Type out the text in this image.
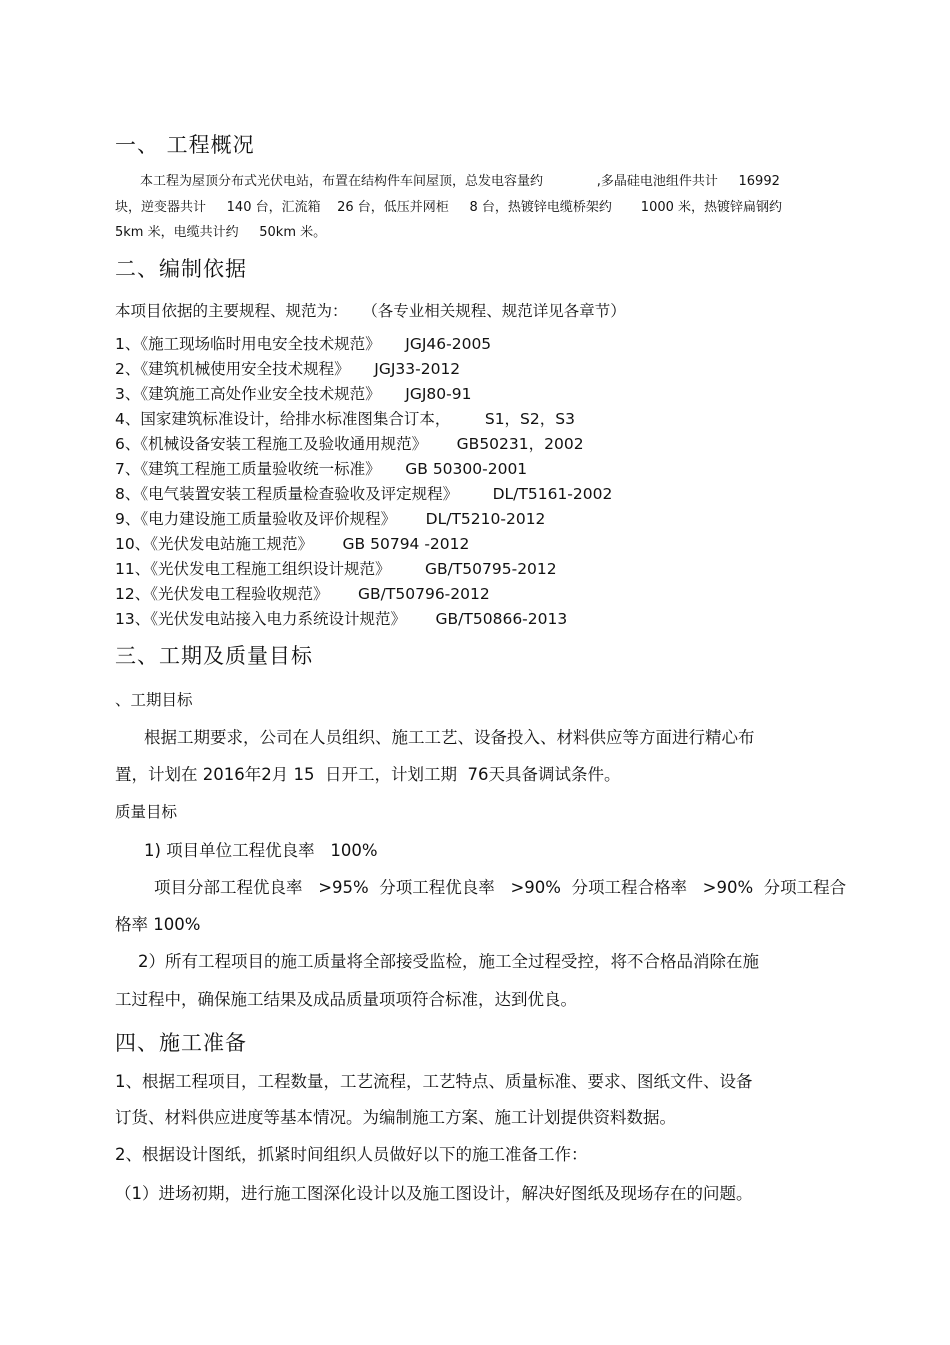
一、 工程概况
本工程为屋顶分布式光伏电站，布置在结构件车间屋顶，总发电容量约             ,多晶硅电池组件共计     16992
块，逆变器共计     140 台，汇流箱    26 台，低压并网柜     8 台，热镀锌电缆桥架约       1000 米，热镀锌扁钢约
5km 米，电缆共计约     50km 米。
二、编制依据
本项目依据的主要规程、规范为：   （各专业相关规程、规范详见各章节）
1、《施工现场临时用电安全技术规范》     JGJ46-2005
2、《建筑机械使用安全技术规程》     JGJ33-2012
3、《建筑施工高处作业安全技术规范》     JGJ80-91
4、国家建筑标准设计，给排水标准图集合订本，       S1，S2，S3
6、《机械设备安装工程施工及验收通用规范》      GB50231，2002
7、《建筑工程施工质量验收统一标准》     GB 50300-2001
8、《电气装置安装工程质量检查验收及评定规程》       DL/T5161-2002
9、《电力建设施工质量验收及评价规程》      DL/T5210-2012
10、《光伏发电站施工规范》      GB 50794 -2012
11、《光伏发电工程施工组织设计规范》       GB/T50795-2012
12、《光伏发电工程验收规范》      GB/T50796-2012
13、《光伏发电站接入电力系统设计规范》      GB/T50866-2013
三、工期及质量目标
、工期目标
根据工期要求，公司在人员组织、施工工艺、设备投入、材料供应等方面进行精心布
置，计划在 2016年2月 15  日开工，计划工期  76天具备调试条件。
质量目标
1) 项目单位工程优良率   100%
项目分部工程优良率   >95%  分项工程优良率   >90%  分项工程合格率   >90%  分项工程合
格率 100%
2）所有工程项目的施工质量将全部接受监检，施工全过程受控，将不合格品消除在施
工过程中，确保施工结果及成品质量项项符合标准，达到优良。
四、施工准备
1、根据工程项目，工程数量，工艺流程，工艺特点、质量标准、要求、图纸文件、设备
订货、材料供应进度等基本情况。为编制施工方案、施工计划提供资料数据。
2、根据设计图纸，抓紧时间组织人员做好以下的施工准备工作：
（1）进场初期，进行施工图深化设计以及施工图设计，解决好图纸及现场存在的问题。
